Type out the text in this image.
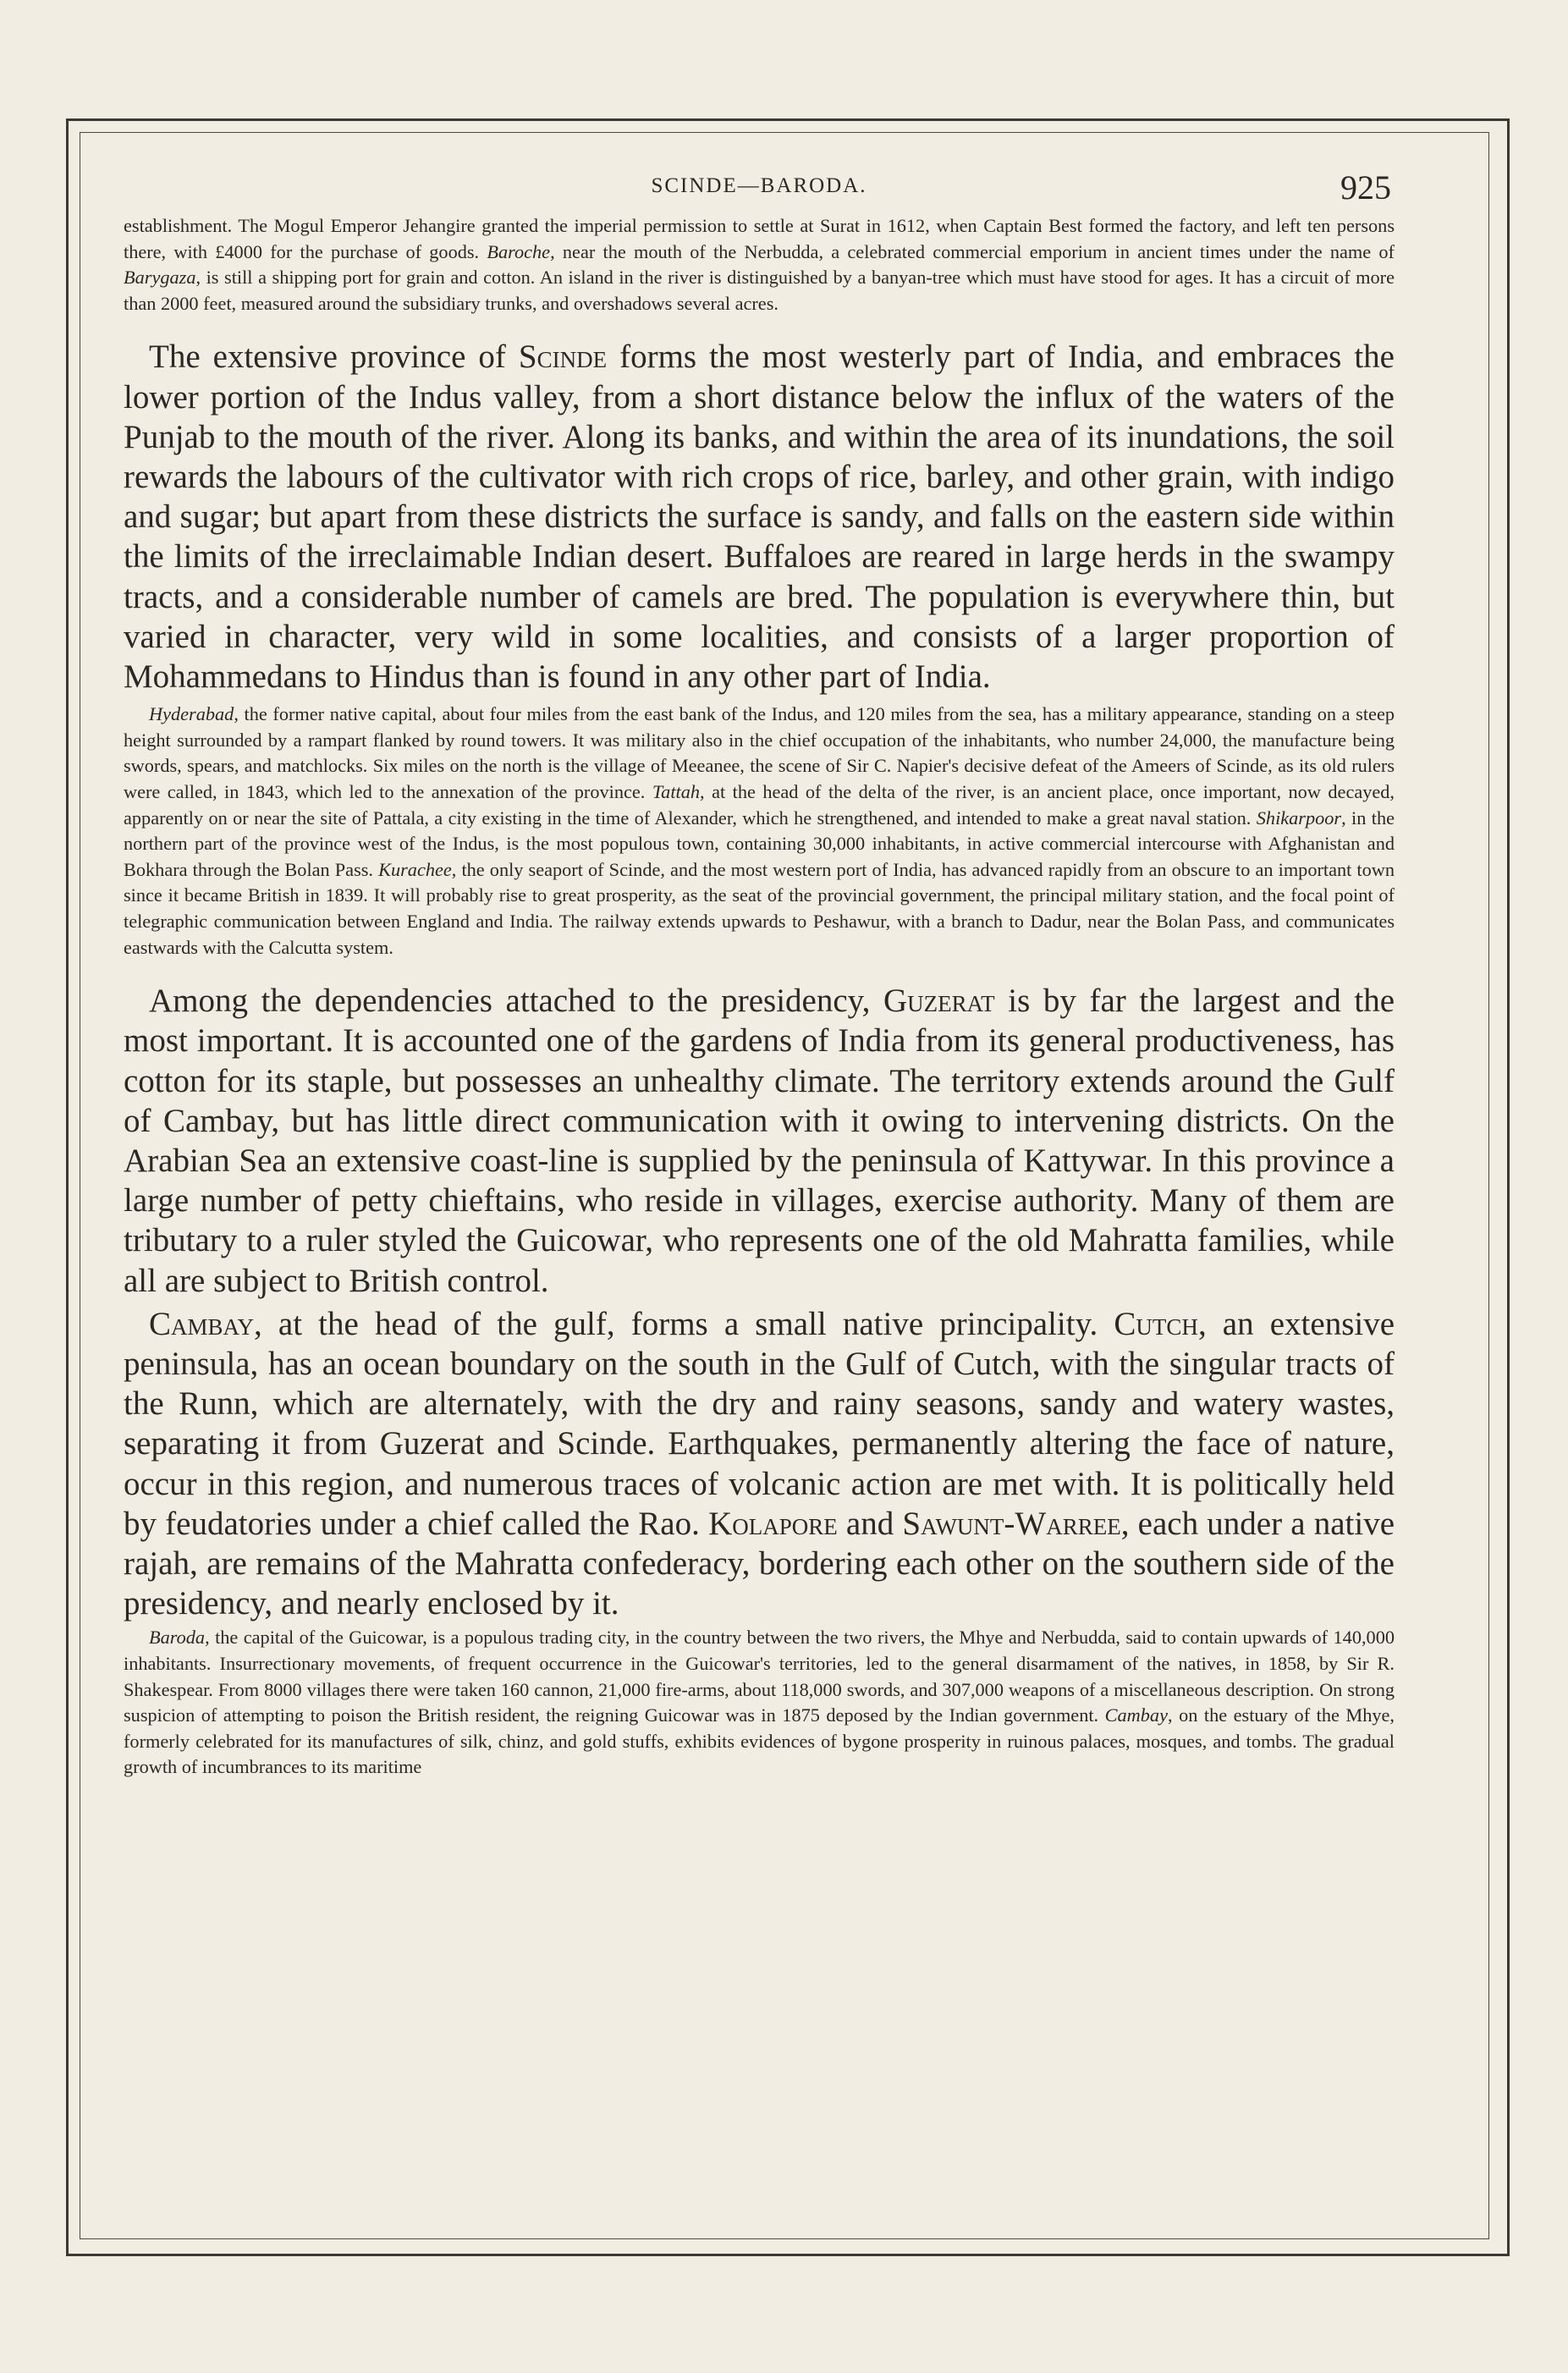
SCINDE—BARODA.	925

establishment. The Mogul Emperor Jehangire granted the imperial permission to settle at Surat in 1612, when Captain Best formed the factory, and left ten persons there, with £4000 for the purchase of goods. Baroche, near the mouth of the Nerbudda, a celebrated commercial emporium in ancient times under the name of Barygaza, is still a shipping port for grain and cotton. An island in the river is distinguished by a banyan-tree which must have stood for ages. It has a circuit of more than 2000 feet, measured around the subsidiary trunks, and overshadows several acres.

The extensive province of Scinde forms the most westerly part of India, and embraces the lower portion of the Indus valley, from a short distance below the influx of the waters of the Punjab to the mouth of the river. Along its banks, and within the area of its inundations, the soil rewards the labours of the cultivator with rich crops of rice, barley, and other grain, with indigo and sugar; but apart from these districts the surface is sandy, and falls on the eastern side within the limits of the irreclaimable Indian desert. Buffaloes are reared in large herds in the swampy tracts, and a considerable number of camels are bred. The population is everywhere thin, but varied in character, very wild in some localities, and consists of a larger proportion of Mohammedans to Hindus than is found in any other part of India.

Hyderabad, the former native capital, about four miles from the east bank of the Indus, and 120 miles from the sea, has a military appearance, standing on a steep height surrounded by a rampart flanked by round towers. It was military also in the chief occupation of the inhabitants, who number 24,000, the manufacture being swords, spears, and matchlocks. Six miles on the north is the village of Meeanee, the scene of Sir C. Napier's decisive defeat of the Ameers of Scinde, as its old rulers were called, in 1843, which led to the annexation of the province. Tattah, at the head of the delta of the river, is an ancient place, once important, now decayed, apparently on or near the site of Pattala, a city existing in the time of Alexander, which he strengthened, and intended to make a great naval station. Shikarpoor, in the northern part of the province west of the Indus, is the most populous town, containing 30,000 inhabitants, in active commercial intercourse with Afghanistan and Bokhara through the Bolan Pass. Kurachee, the only seaport of Scinde, and the most western port of India, has advanced rapidly from an obscure to an important town since it became British in 1839. It will probably rise to great prosperity, as the seat of the provincial government, the principal military station, and the focal point of telegraphic communication between England and India. The railway extends upwards to Peshawur, with a branch to Dadur, near the Bolan Pass, and communicates eastwards with the Calcutta system.

Among the dependencies attached to the presidency, Guzerat is by far the largest and the most important. It is accounted one of the gardens of India from its general productiveness, has cotton for its staple, but possesses an unhealthy climate. The territory extends around the Gulf of Cambay, but has little direct communication with it owing to intervening districts. On the Arabian Sea an extensive coast-line is supplied by the peninsula of Kattywar. In this province a large number of petty chieftains, who reside in villages, exercise authority. Many of them are tributary to a ruler styled the Guicowar, who represents one of the old Mahratta families, while all are subject to British control.

Cambay, at the head of the gulf, forms a small native principality. Cutch, an extensive peninsula, has an ocean boundary on the south in the Gulf of Cutch, with the singular tracts of the Runn, which are alternately, with the dry and rainy seasons, sandy and watery wastes, separating it from Guzerat and Scinde. Earthquakes, permanently altering the face of nature, occur in this region, and numerous traces of volcanic action are met with. It is politically held by feudatories under a chief called the Rao. Kolapore and Sawunt-Warree, each under a native rajah, are remains of the Mahratta confederacy, bordering each other on the southern side of the presidency, and nearly enclosed by it.

Baroda, the capital of the Guicowar, is a populous trading city, in the country between the two rivers, the Mhye and Nerbudda, said to contain upwards of 140,000 inhabitants. Insurrectionary movements, of frequent occurrence in the Guicowar's territories, led to the general disarmament of the natives, in 1858, by Sir R. Shakespear. From 8000 villages there were taken 160 cannon, 21,000 fire-arms, about 118,000 swords, and 307,000 weapons of a miscellaneous description. On strong suspicion of attempting to poison the British resident, the reigning Guicowar was in 1875 deposed by the Indian government. Cambay, on the estuary of the Mhye, formerly celebrated for its manufactures of silk, chinz, and gold stuffs, exhibits evidences of bygone prosperity in ruinous palaces, mosques, and tombs. The gradual growth of incumbrances to its maritime
